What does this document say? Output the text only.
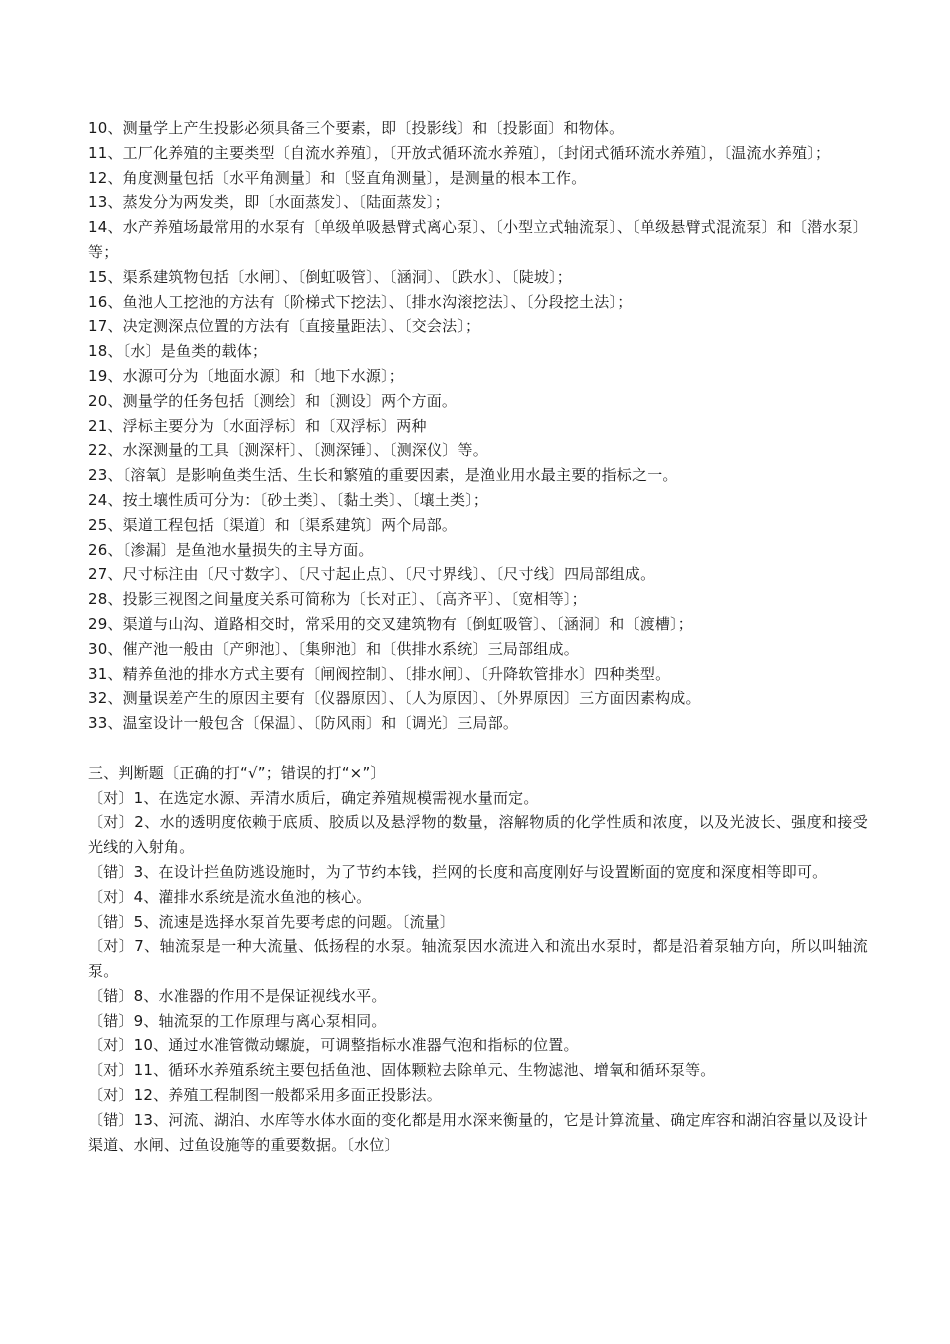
10、测量学上产生投影必须具备三个要素，即〔投影线〕和〔投影面〕和物体。

11、工厂化养殖的主要类型〔自流水养殖〕，〔开放式循环流水养殖〕，〔封闭式循环流水养殖〕，〔温流水养殖〕；

12、角度测量包括〔水平角测量〕和〔竖直角测量〕，是测量的根本工作。

13、蒸发分为两发类，即〔水面蒸发〕、〔陆面蒸发〕；

14、水产养殖场最常用的水泵有〔单级单吸悬臂式离心泵〕、〔小型立式轴流泵〕、〔单级悬臂式混流泵〕和〔潜水泵〕等；

15、渠系建筑物包括〔水闸〕、〔倒虹吸管〕、〔涵洞〕、〔跌水〕、〔陡坡〕；

16、鱼池人工挖池的方法有〔阶梯式下挖法〕、〔排水沟滚挖法〕、〔分段挖土法〕；

17、决定测深点位置的方法有〔直接量距法〕、〔交会法〕；

18、〔水〕是鱼类的载体；

19、水源可分为〔地面水源〕和〔地下水源〕；

20、测量学的任务包括〔测绘〕和〔测设〕两个方面。

21、浮标主要分为〔水面浮标〕和〔双浮标〕两种

22、水深测量的工具〔测深杆〕、〔测深锤〕、〔测深仪〕等。

23、〔溶氧〕是影响鱼类生活、生长和繁殖的重要因素，是渔业用水最主要的指标之一。

24、按土壤性质可分为：〔砂土类〕、〔黏土类〕、〔壤土类〕；

25、渠道工程包括〔渠道〕和〔渠系建筑〕两个局部。

26、〔渗漏〕是鱼池水量损失的主导方面。

27、尺寸标注由〔尺寸数字〕、〔尺寸起止点〕、〔尺寸界线〕、〔尺寸线〕四局部组成。

28、投影三视图之间量度关系可简称为〔长对正〕、〔高齐平〕、〔宽相等〕；

29、渠道与山沟、道路相交时，常采用的交叉建筑物有〔倒虹吸管〕、〔涵洞〕和〔渡槽〕；

30、催产池一般由〔产卵池〕、〔集卵池〕和〔供排水系统〕三局部组成。

31、精养鱼池的排水方式主要有〔闸阀控制〕、〔排水闸〕、〔升降软管排水〕四种类型。

32、测量误差产生的原因主要有〔仪器原因〕、〔人为原因〕、〔外界原因〕三方面因素构成。

33、温室设计一般包含〔保温〕、〔防风雨〕和〔调光〕三局部。

三、判断题〔正确的打“√”；错误的打“×”〕

〔对〕1、在选定水源、弄清水质后，确定养殖规模需视水量而定。

〔对〕2、水的透明度依赖于底质、胶质以及悬浮物的数量，溶解物质的化学性质和浓度，以及光波长、强度和接受光线的入射角。

〔错〕3、在设计拦鱼防逃设施时，为了节约本钱，拦网的长度和高度刚好与设置断面的宽度和深度相等即可。

〔对〕4、灌排水系统是流水鱼池的核心。

〔错〕5、流速是选择水泵首先要考虑的问题。〔流量〕

〔对〕7、轴流泵是一种大流量、低扬程的水泵。轴流泵因水流进入和流出水泵时，都是沿着泵轴方向，所以叫轴流泵。

〔错〕8、水准器的作用不是保证视线水平。

〔错〕9、轴流泵的工作原理与离心泵相同。

〔对〕10、通过水准管微动螺旋，可调整指标水准器气泡和指标的位置。

〔对〕11、循环水养殖系统主要包括鱼池、固体颗粒去除单元、生物滤池、增氧和循环泵等。

〔对〕12、养殖工程制图一般都采用多面正投影法。

〔错〕13、河流、湖泊、水库等水体水面的变化都是用水深来衡量的，它是计算流量、确定库容和湖泊容量以及设计渠道、水闸、过鱼设施等的重要数据。〔水位〕
